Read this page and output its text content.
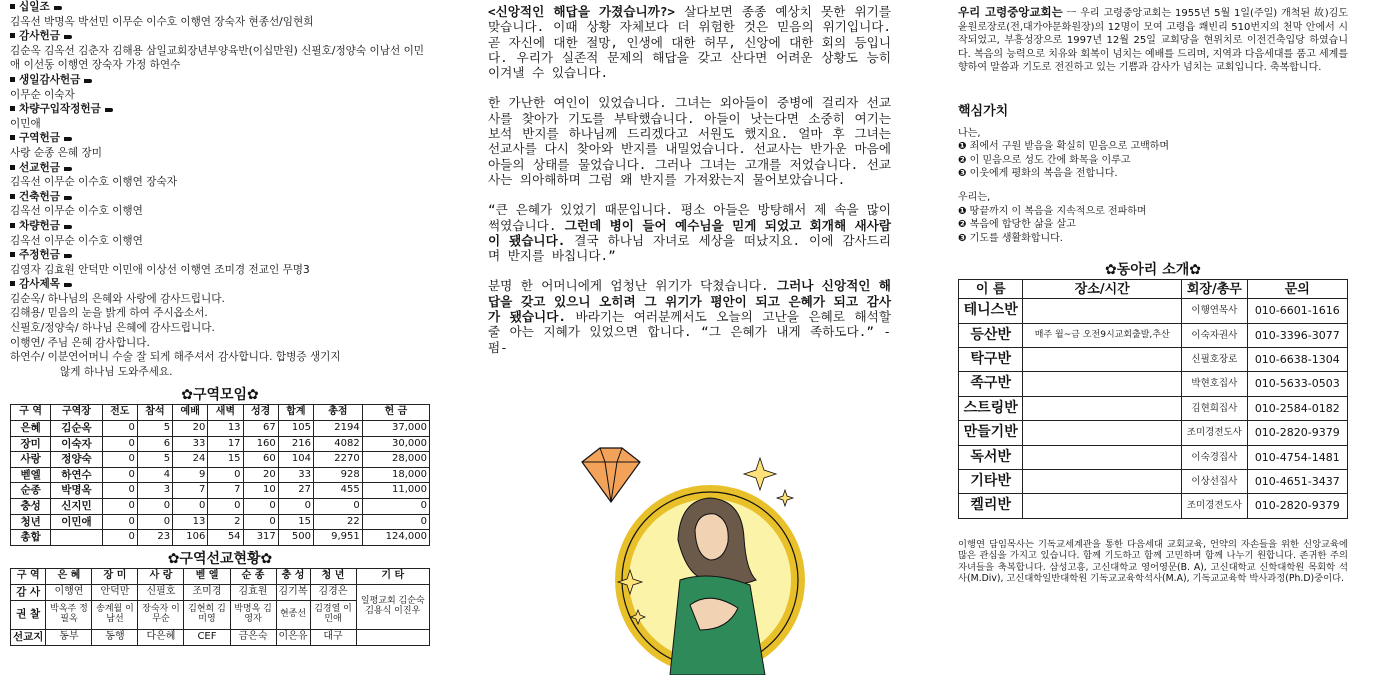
십일조
김옥선 박명옥 박선민 이무순 이수호 이행연 장숙자 현종선/임현희
감사헌금
김순옥 김옥선 김춘자 김해용 삼일교회장년부양육반(이십만원) 신필호/정양숙 이남선 이민애 이선동 이행연 장숙자 가정 하연수
생일감사헌금
이무순 이숙자
차량구입작정헌금
이민애
구역헌금
사랑 순종 은혜 장미
선교헌금
김옥선 이무순 이수호 이행연 장숙자
건축헌금
김옥선 이무순 이수호 이행연
차량헌금
김옥선 이무순 이수호 이행연
주정헌금
김영자 김효원 안덕만 이민애 이상선 이행연 조미경 전교인 무명3
감사제목
김순옥/ 하나님의 은혜와 사랑에 감사드립니다.
김해용/ 믿음의 눈을 밝게 하여 주시옵소서.
신필호/정양숙/ 하나님 은혜에 감사드립니다.
이행연/ 주님 은혜 감사합니다.
하연수/ 이분연어머니 수술 잘 되게 해주셔서 감사합니다. 합병증 생기지
않게 하나님 도와주세요.
✿구역모임✿
구 역	구역장	전도	참석	예배	새벽	성경	합계	총점	헌 금
은혜	김순옥	0	5	20	13	67	105	2194	37,000
장미	이숙자	0	6	33	17	160	216	4082	30,000
사랑	정양숙	0	5	24	15	60	104	2270	28,000
벧엘	하연수	0	4	9	0	20	33	928	18,000
순종	박명옥	0	3	7	7	10	27	455	11,000
충성	신지민	0	0	0	0	0	0	0	0
청년	이민애	0	0	13	2	0	15	22	0
총합		0	23	106	54	317	500	9,951	124,000
✿구역선교현황✿
구 역	은 혜	장 미	사 랑	벧 엘	순 종	충 성	청 년	기 타
감 사	이행연	안덕만	신필호	조미경	김효원	김기복	김경은	일평교회 김순숙 김용식 이진우
권 찰	박옥주 정필옥	송계월 이남선	장숙자 이무순	김현희 김미영	박명옥 김영자	현종선	김경열 이민애	
선교지	동부	동행	다은혜	CEF	금은숙	이은유	대구	

<신앙적인 해답을 가졌습니까?> 살다보면 종종 예상치 못한 위기를 맞습니다. 이때 상황 자체보다 더 위험한 것은 믿음의 위기입니다. 곧 자신에 대한 절망, 인생에 대한 허무, 신앙에 대한 회의 등입니다. 우리가 실존적 문제의 해답을 갖고 산다면 어려운 상황도 능히 이겨낼 수 있습니다.

한 가난한 여인이 있었습니다. 그녀는 외아들이 중병에 걸리자 선교사를 찾아가 기도를 부탁했습니다. 아들이 낫는다면 소중히 여기는 보석 반지를 하나님께 드리겠다고 서원도 했지요. 얼마 후 그녀는 선교사를 다시 찾아와 반지를 내밀었습니다. 선교사는 반가운 마음에 아들의 상태를 물었습니다. 그러나 그녀는 고개를 저었습니다. 선교사는 의아해하며 그럼 왜 반지를 가져왔는지 물어보았습니다.

“큰 은혜가 있었기 때문입니다. 평소 아들은 방탕해서 제 속을 많이 썩였습니다. 그런데 병이 들어 예수님을 믿게 되었고 회개해 새사람이 됐습니다. 결국 하나님 자녀로 세상을 떠났지요. 이에 감사드리며 반지를 바칩니다.”

분명 한 어머니에게 엄청난 위기가 닥쳤습니다. 그러나 신앙적인 해답을 갖고 있으니 오히려 그 위기가 평안이 되고 은혜가 되고 감사가 됐습니다. 바라기는 여러분께서도 오늘의 고난을 은혜로 해석할 줄 아는 지혜가 있었으면 합니다. “그 은혜가 내게 족하도다.” -펌-

우리 고령중앙교회는 ㅡ 우리 고령중앙교회는 1955년 5월 1일(주일) 개척된 故)김도윤원로장로(전,대가야문화원장)의 12명이 모여 고령읍 쾌빈리 510번지의 천막 안에서 시작되었고, 부흥성장으로 1997년 12월 25일 교회당을 현위치로 이전건축입당 하였습니다. 복음의 능력으로 치유와 회복이 넘치는 예배를 드리며, 지역과 다음세대를 품고 세계를 향하여 말씀과 기도로 전진하고 있는 기쁨과 감사가 넘치는 교회입니다. 축복합니다.

핵심가치
나는,
❶ 죄에서 구원 받음을 확실히 믿음으로 고백하며
❷ 이 믿음으로 성도 간에 화목을 이루고
❸ 이웃에게 평화의 복음을 전합니다.
우리는,
❶ 땅끝까지 이 복음을 지속적으로 전파하며
❷ 복음에 합당한 삶을 살고
❸ 기도를 생활화합니다.
✿동아리 소개✿
이 름	장소/시간	회장/총무	문의
테니스반		이행연목사	010-6601-1616
등산반	매주 월~금 오전9시교회출발,추산	이숙자권사	010-3396-3077
탁구반		신필호장로	010-6638-1304
족구반		박현호집사	010-5633-0503
스트링반		김현희집사	010-2584-0182
만들기반		조미경전도사	010-2820-9379
독서반		이숙경집사	010-4754-1481
기타반		이상선집사	010-4651-3437
켈리반		조미경전도사	010-2820-9379

이행연 담임목사는 기독교세계관을 통한 다음세대 교회교육, 언약의 자손들을 위한 신앙교육에 많은 관심을 가지고 있습니다. 함께 기도하고 함께 고민하며 함께 나누기 원합니다. 존귀한 주의 자녀들을 축복합니다. 삼성고흥, 고신대학교 영어영문(B. A), 고신대학교 신학대학원 목회학 석사(M.Div), 고신대학일반대학원 기독교교육학석사(M.A), 기독교교육학 박사과정(Ph.D)중이다.
